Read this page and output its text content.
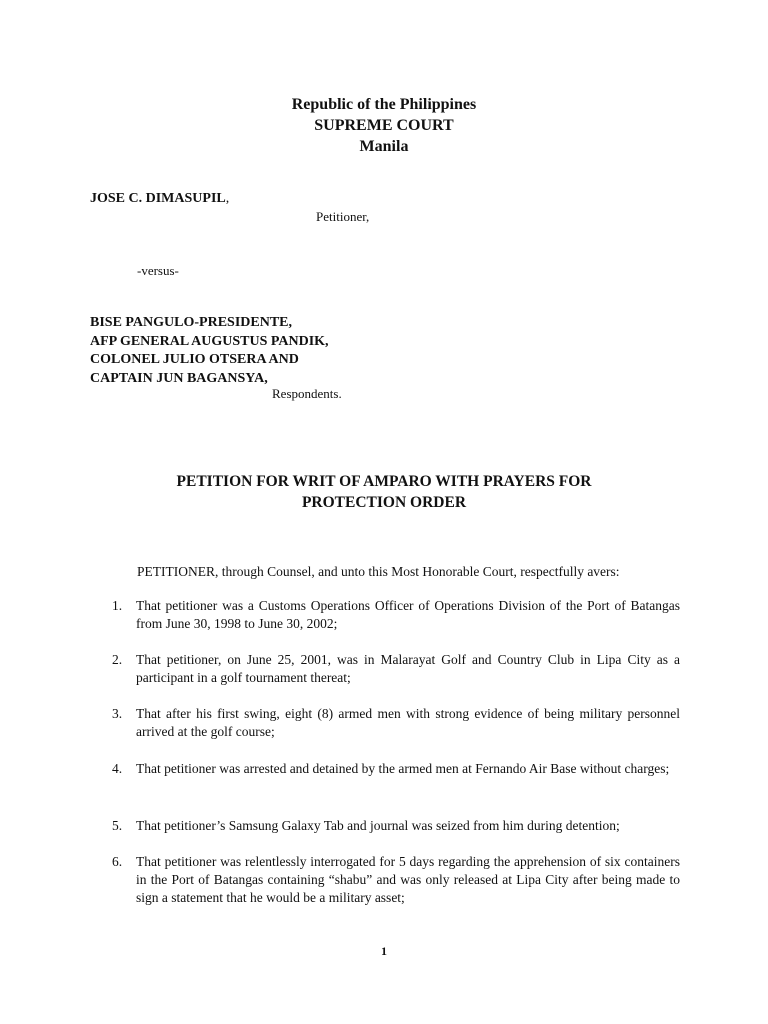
Republic of the Philippines
SUPREME COURT
Manila
JOSE C. DIMASUPIL,
Petitioner,
-versus-
BISE PANGULO-PRESIDENTE,
AFP GENERAL AUGUSTUS PANDIK,
COLONEL JULIO OTSERA AND
CAPTAIN JUN BAGANSYA,
Respondents.
PETITION FOR WRIT OF AMPARO WITH PRAYERS FOR
PROTECTION ORDER
PETITIONER, through Counsel, and unto this Most Honorable Court, respectfully avers:
1.	That petitioner was a Customs Operations Officer of Operations Division of the Port of Batangas from June 30, 1998 to June 30, 2002;
2.	That petitioner, on June 25, 2001, was in Malarayat Golf and Country Club in Lipa City as a participant in a golf tournament thereat;
3.	That after his first swing, eight (8) armed men with strong evidence of being military personnel arrived at the golf course;
4.	That petitioner was arrested and detained by the armed men at Fernando Air Base without charges;
5.	That petitioner’s Samsung Galaxy Tab and journal was seized from him during detention;
6.	That petitioner was relentlessly interrogated for 5 days regarding the apprehension of six containers in the Port of Batangas containing “shabu” and was only released at Lipa City after being made to sign a statement that he would be a military asset;
1
